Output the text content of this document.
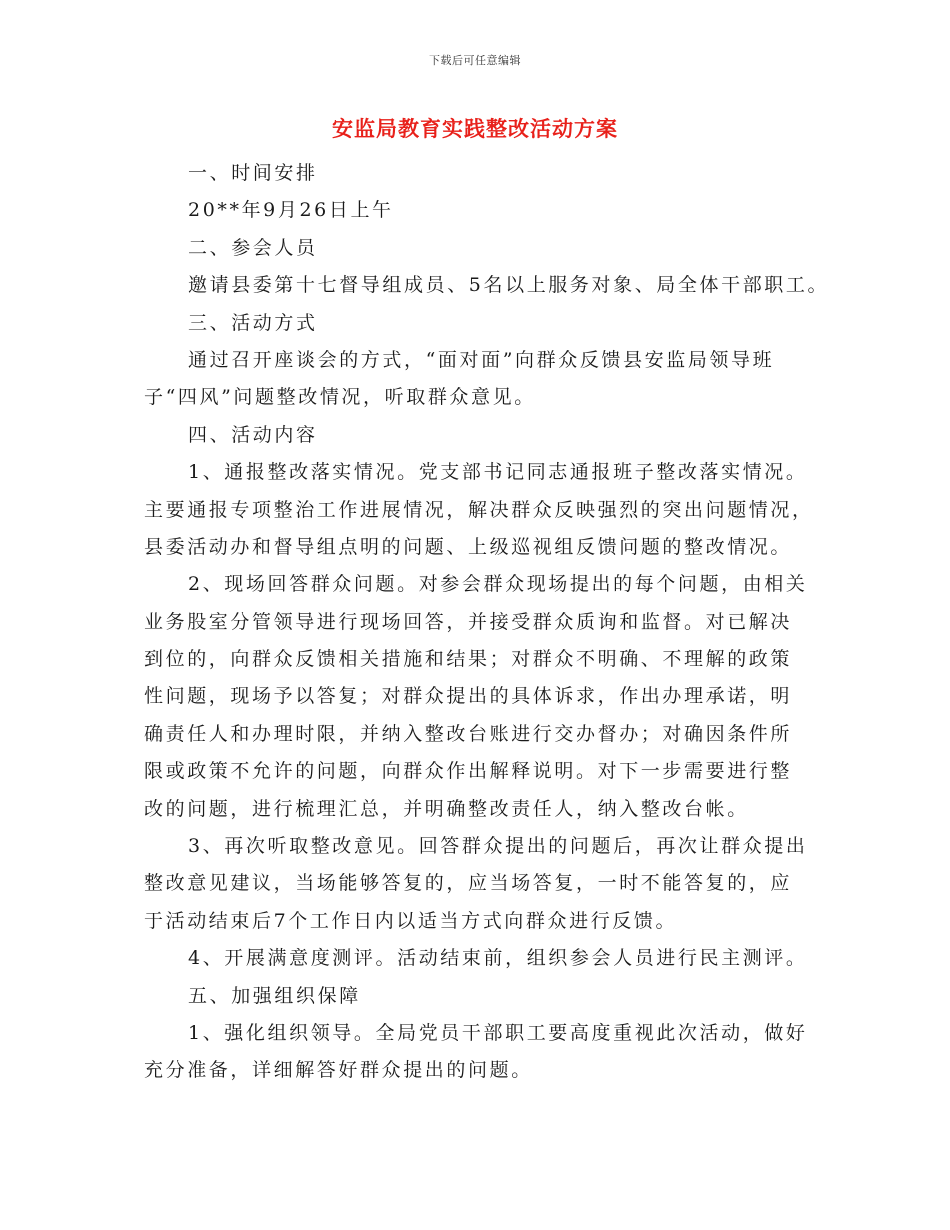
下载后可任意编辑
安监局教育实践整改活动方案
一、时间安排
20**年9月26日上午
二、参会人员
邀请县委第十七督导组成员、5名以上服务对象、局全体干部职工。
三、活动方式
通过召开座谈会的方式，“面对面”向群众反馈县安监局领导班
子“四风”问题整改情况，听取群众意见。
四、活动内容
1、通报整改落实情况。党支部书记同志通报班子整改落实情况。
主要通报专项整治工作进展情况，解决群众反映强烈的突出问题情况，
县委活动办和督导组点明的问题、上级巡视组反馈问题的整改情况。
2、现场回答群众问题。对参会群众现场提出的每个问题，由相关
业务股室分管领导进行现场回答，并接受群众质询和监督。对已解决
到位的，向群众反馈相关措施和结果；对群众不明确、不理解的政策
性问题，现场予以答复；对群众提出的具体诉求，作出办理承诺，明
确责任人和办理时限，并纳入整改台账进行交办督办；对确因条件所
限或政策不允许的问题，向群众作出解释说明。对下一步需要进行整
改的问题，进行梳理汇总，并明确整改责任人，纳入整改台帐。
3、再次听取整改意见。回答群众提出的问题后，再次让群众提出
整改意见建议，当场能够答复的，应当场答复，一时不能答复的，应
于活动结束后7个工作日内以适当方式向群众进行反馈。
4、开展满意度测评。活动结束前，组织参会人员进行民主测评。
五、加强组织保障
1、强化组织领导。全局党员干部职工要高度重视此次活动，做好
充分准备，详细解答好群众提出的问题。
